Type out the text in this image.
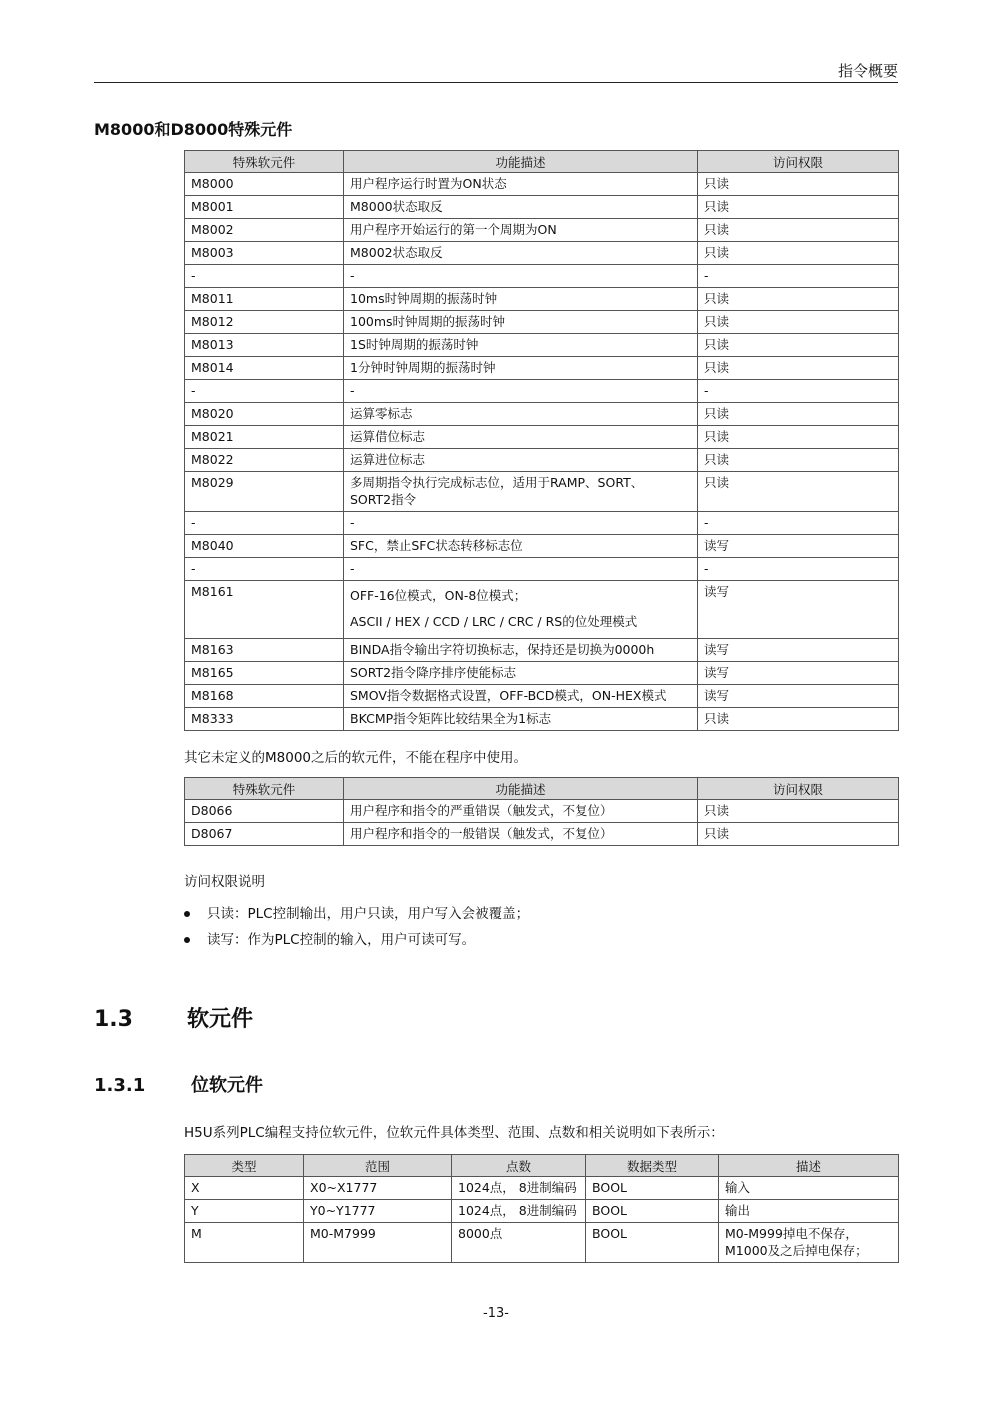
指令概要
M8000和D8000特殊元件
特殊软元件	功能描述	访问权限
M8000	用户程序运行时置为ON状态	只读
M8001	M8000状态取反	只读
M8002	用户程序开始运行的第一个周期为ON	只读
M8003	M8002状态取反	只读
-	-	-
M8011	10ms时钟周期的振荡时钟	只读
M8012	100ms时钟周期的振荡时钟	只读
M8013	1S时钟周期的振荡时钟	只读
M8014	1分钟时钟周期的振荡时钟	只读
-	-	-
M8020	运算零标志	只读
M8021	运算借位标志	只读
M8022	运算进位标志	只读
M8029	多周期指令执行完成标志位，适用于RAMP、SORT、
SORT2指令	只读
-	-	-
M8040	SFC，禁止SFC状态转移标志位	读写
-	-	-
M8161	OFF-16位模式，ON-8位模式；
ASCII / HEX / CCD / LRC / CRC / RS的位处理模式	读写
M8163	BINDA指令输出字符切换标志，保持还是切换为0000h	读写
M8165	SORT2指令降序排序使能标志	读写
M8168	SMOV指令数据格式设置，OFF-BCD模式，ON-HEX模式	读写
M8333	BKCMP指令矩阵比较结果全为1标志	只读
其它未定义的M8000之后的软元件，不能在程序中使用。
特殊软元件	功能描述	访问权限
D8066	用户程序和指令的严重错误（触发式，不复位）	只读
D8067	用户程序和指令的一般错误（触发式，不复位）	只读
访问权限说明
只读：PLC控制输出，用户只读，用户写入会被覆盖；
读写：作为PLC控制的输入，用户可读可写。
1.3 软元件
1.3.1	位软元件
H5U系列PLC编程支持位软元件，位软元件具体类型、范围、点数和相关说明如下表所示：
类型	范围	点数	数据类型	描述
X	X0~X1777	1024点， 8进制编码	BOOL	输入
Y	Y0~Y1777	1024点， 8进制编码	BOOL	输出
M	M0-M7999	8000点	BOOL	M0-M999掉电不保存，
M1000及之后掉电保存；
-13-
